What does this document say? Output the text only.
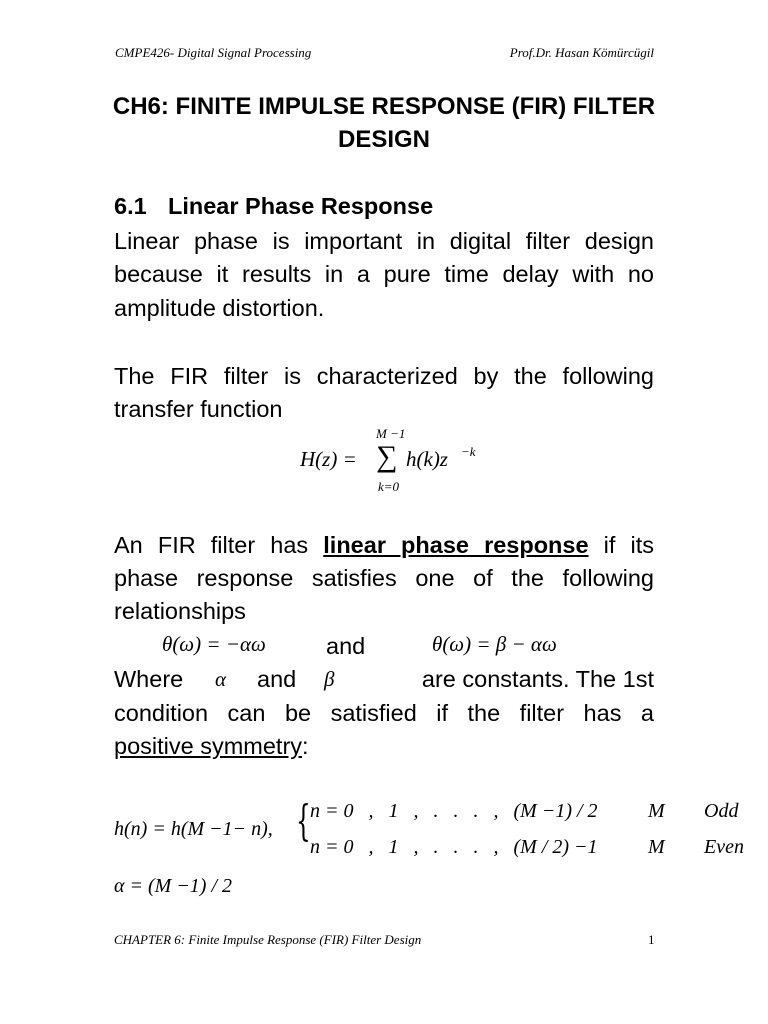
CMPE426- Digital Signal Processing	Prof.Dr. Hasan Kömürcügil
CH6: FINITE IMPULSE RESPONSE (FIR) FILTER
DESIGN
6.1 Linear Phase Response
Linear phase is important in digital filter design
because it results in a pure time delay with no
amplitude distortion.
The FIR filter is characterized by the following
transfer function
H(z) =
M −1
∑
k=0
h(k)z −k
An FIR filter has linear phase response if its
phase response satisfies one of the following
relationships
θ(ω) = −αω	and	θ(ω) = β − αω
Where α and β	are constants. The 1st
condition can be satisfied if the filter has a
positive symmetry:
h(n) = h(M −1− n), { n = 0   ,   1   ,   .   .   .   ,   (M −1) / 2	M Odd
n = 0   ,   1   ,   .   .   .   ,   (M / 2) −1	M Even
α = (M −1) / 2
CHAPTER 6: Finite Impulse Response (FIR) Filter Design	1
